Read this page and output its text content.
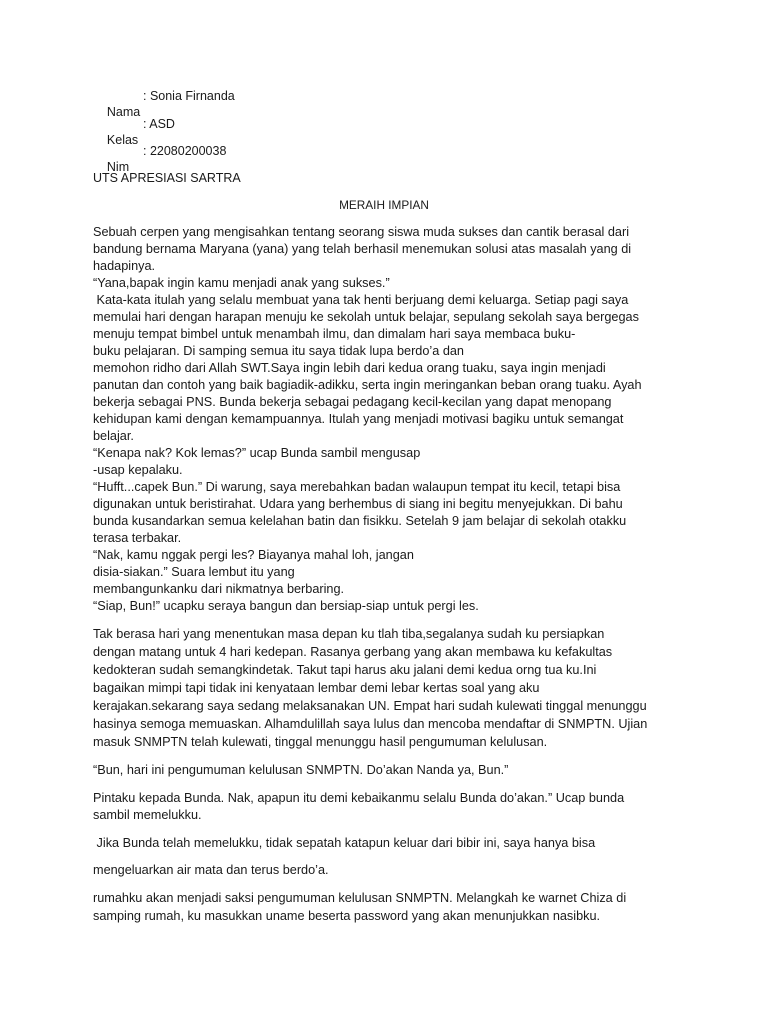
Nama

: Sonia Firnanda

Kelas

: ASD

Nim

: 22080200038

UTS APRESIASI SARTRA
MERAIH IMPIAN
Sebuah cerpen yang mengisahkan tentang seorang siswa muda sukses dan cantik berasal dari
bandung bernama Maryana (yana) yang telah berhasil menemukan solusi atas masalah yang di
hadapinya.
“Yana,bapak ingin kamu menjadi anak yang sukses.”
Kata-kata itulah yang selalu membuat yana tak henti berjuang demi keluarga. Setiap pagi saya
memulai hari dengan harapan menuju ke sekolah untuk belajar, sepulang sekolah saya bergegas
menuju tempat bimbel untuk menambah ilmu, dan dimalam hari saya membaca buku-
buku pelajaran. Di samping semua itu saya tidak lupa berdo’a dan
memohon ridho dari Allah SWT.Saya ingin lebih dari kedua orang tuaku, saya ingin menjadi
panutan dan contoh yang baik bagiadik-adikku, serta ingin meringankan beban orang tuaku. Ayah
bekerja sebagai PNS. Bunda bekerja sebagai pedagang kecil-kecilan yang dapat menopang
kehidupan kami dengan kemampuannya. Itulah yang menjadi motivasi bagiku untuk semangat
belajar.
“Kenapa nak? Kok lemas?” ucap Bunda sambil mengusap
-usap kepalaku.
“Hufft...capek Bun.” Di warung, saya merebahkan badan walaupun tempat itu kecil, tetapi bisa
digunakan untuk beristirahat. Udara yang berhembus di siang ini begitu menyejukkan. Di bahu
bunda kusandarkan semua kelelahan batin dan fisikku. Setelah 9 jam belajar di sekolah otakku
terasa terbakar.
“Nak, kamu nggak pergi les? Biayanya mahal loh, jangan
disia-siakan.” Suara lembut itu yang
membangunkanku dari nikmatnya berbaring.
“Siap, Bun!” ucapku seraya bangun dan bersiap-siap untuk pergi les.
Tak berasa hari yang menentukan masa depan ku tlah tiba,segalanya sudah ku persiapkan
dengan matang untuk 4 hari kedepan. Rasanya gerbang yang akan membawa ku kefakultas
kedokteran sudah semangkindetak. Takut tapi harus aku jalani demi kedua orng tua ku.Ini
bagaikan mimpi tapi tidak ini kenyataan lembar demi lebar kertas soal yang aku
kerajakan.sekarang saya sedang melaksanakan UN. Empat hari sudah kulewati tinggal menunggu
hasinya semoga memuaskan. Alhamdulillah saya lulus dan mencoba mendaftar di SNMPTN. Ujian
masuk SNMPTN telah kulewati, tinggal menunggu hasil pengumuman kelulusan.
“Bun, hari ini pengumuman kelulusan SNMPTN. Do’akan Nanda ya, Bun.”
Pintaku kepada Bunda. Nak, apapun itu demi kebaikanmu selalu Bunda do’akan.” Ucap bunda
sambil memelukku.
Jika Bunda telah memelukku, tidak sepatah katapun keluar dari bibir ini, saya hanya bisa
mengeluarkan air mata dan terus berdo’a.
rumahku akan menjadi saksi pengumuman kelulusan SNMPTN. Melangkah ke warnet Chiza di
samping rumah, ku masukkan uname beserta password yang akan menunjukkan nasibku.
